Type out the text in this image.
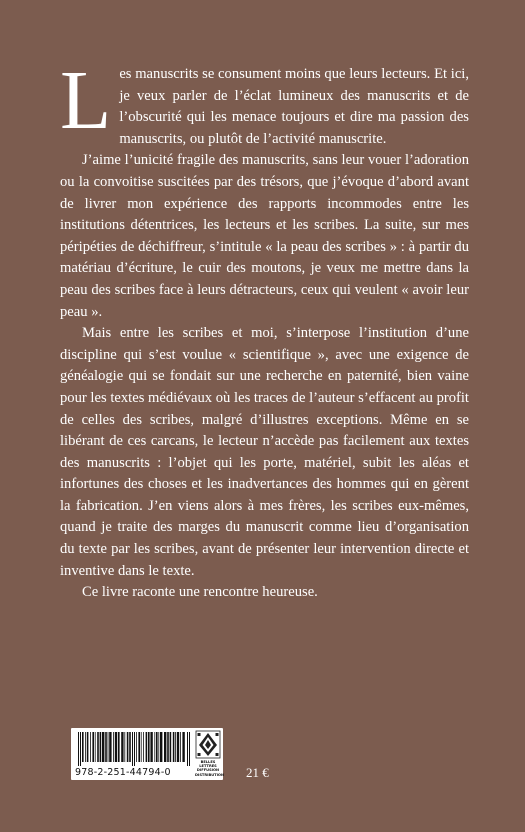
Les manuscrits se consument moins que leurs lecteurs. Et ici, je veux parler de l’éclat lumineux des manuscrits et de l’obscurité qui les menace toujours et dire ma passion des manuscrits, ou plutôt de l’activité manuscrite.

J’aime l’unicité fragile des manuscrits, sans leur vouer l’adoration ou la convoitise suscitées par des trésors, que j’évoque d’abord avant de livrer mon expérience des rapports incommodes entre les institutions détentrices, les lecteurs et les scribes. La suite, sur mes péripéties de déchiffreur, s’intitule « la peau des scribes » : à partir du matériau d’écriture, le cuir des moutons, je veux me mettre dans la peau des scribes face à leurs détracteurs, ceux qui veulent « avoir leur peau ».

Mais entre les scribes et moi, s’interpose l’institution d’une discipline qui s’est voulue « scientifique », avec une exigence de généalogie qui se fondait sur une recherche en paternité, bien vaine pour les textes médiévaux où les traces de l’auteur s’effacent au profit de celles des scribes, malgré d’illustres exceptions. Même en se libérant de ces carcans, le lecteur n’accède pas facilement aux textes des manuscrits : l’objet qui les porte, matériel, subit les aléas et infortunes des choses et les inadvertances des hommes qui en gèrent la fabrication. J’en viens alors à mes frères, les scribes eux-mêmes, quand je traite des marges du manuscrit comme lieu d’organisation du texte par les scribes, avant de présenter leur intervention directe et inventive dans le texte.

Ce livre raconte une rencontre heureuse.

978-2-251-44794-0
BELLES LETTRES
DIFFUSION
DISTRIBUTION 21 €
